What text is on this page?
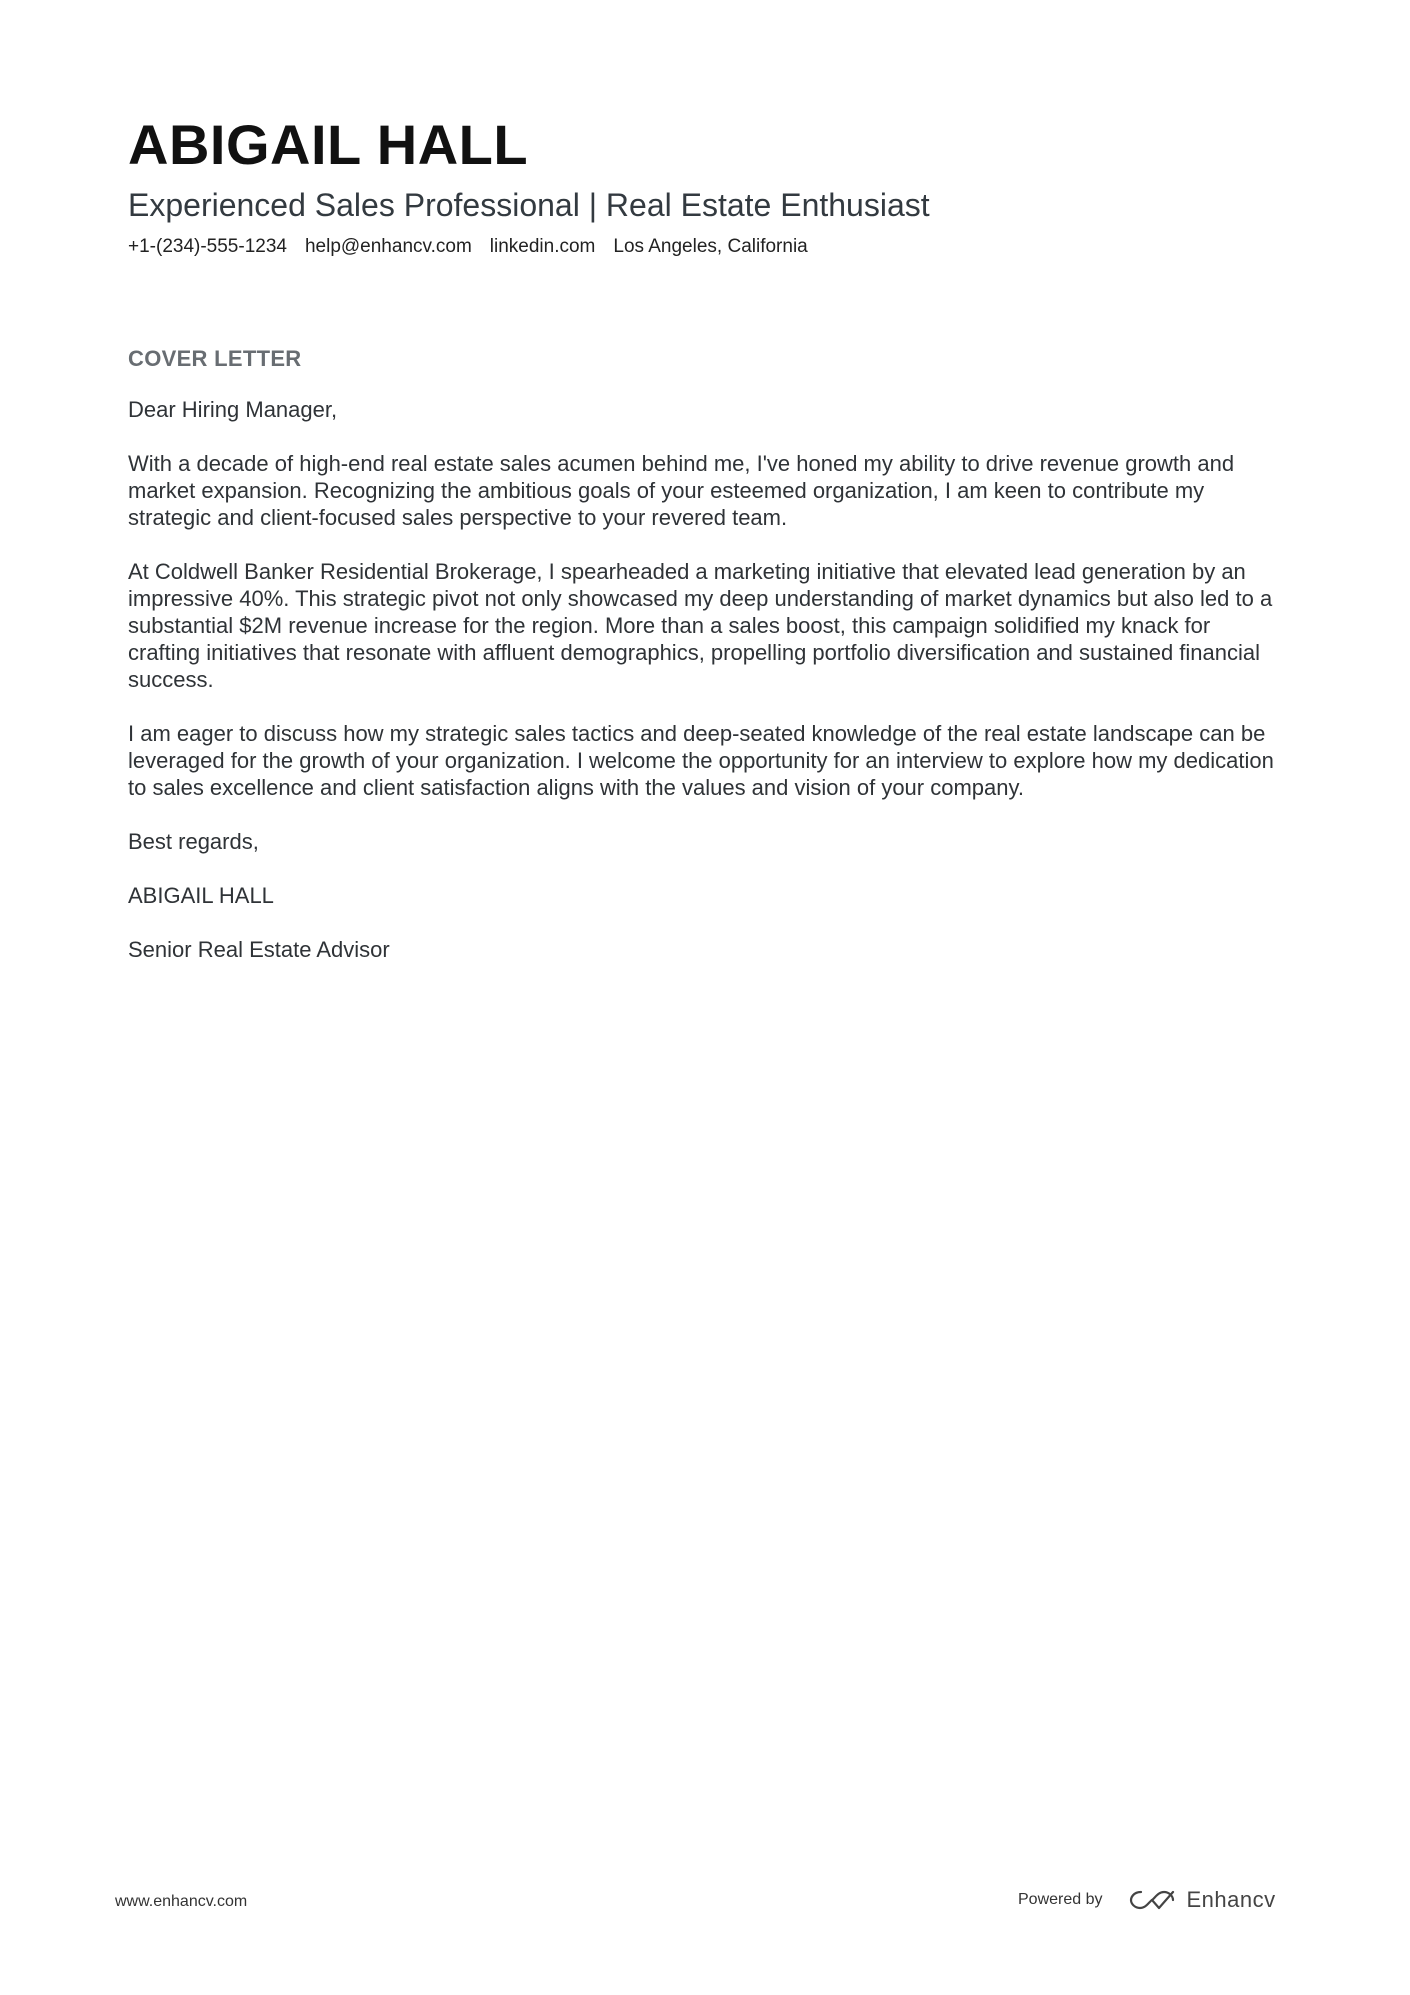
ABIGAIL HALL
Experienced Sales Professional | Real Estate Enthusiast
+1-(234)-555-1234 help@enhancv.com linkedin.com Los Angeles, California
COVER LETTER

Dear Hiring Manager,

With a decade of high-end real estate sales acumen behind me, I've honed my ability to drive revenue growth and market expansion. Recognizing the ambitious goals of your esteemed organization, I am keen to contribute my strategic and client-focused sales perspective to your revered team.

At Coldwell Banker Residential Brokerage, I spearheaded a marketing initiative that elevated lead generation by an impressive 40%. This strategic pivot not only showcased my deep understanding of market dynamics but also led to a substantial $2M revenue increase for the region. More than a sales boost, this campaign solidified my knack for crafting initiatives that resonate with affluent demographics, propelling portfolio diversification and sustained financial success.

I am eager to discuss how my strategic sales tactics and deep-seated knowledge of the real estate landscape can be leveraged for the growth of your organization. I welcome the opportunity for an interview to explore how my dedication to sales excellence and client satisfaction aligns with the values and vision of your company.

Best regards,

ABIGAIL HALL

Senior Real Estate Advisor

www.enhancv.com	Powered by	Enhancv
